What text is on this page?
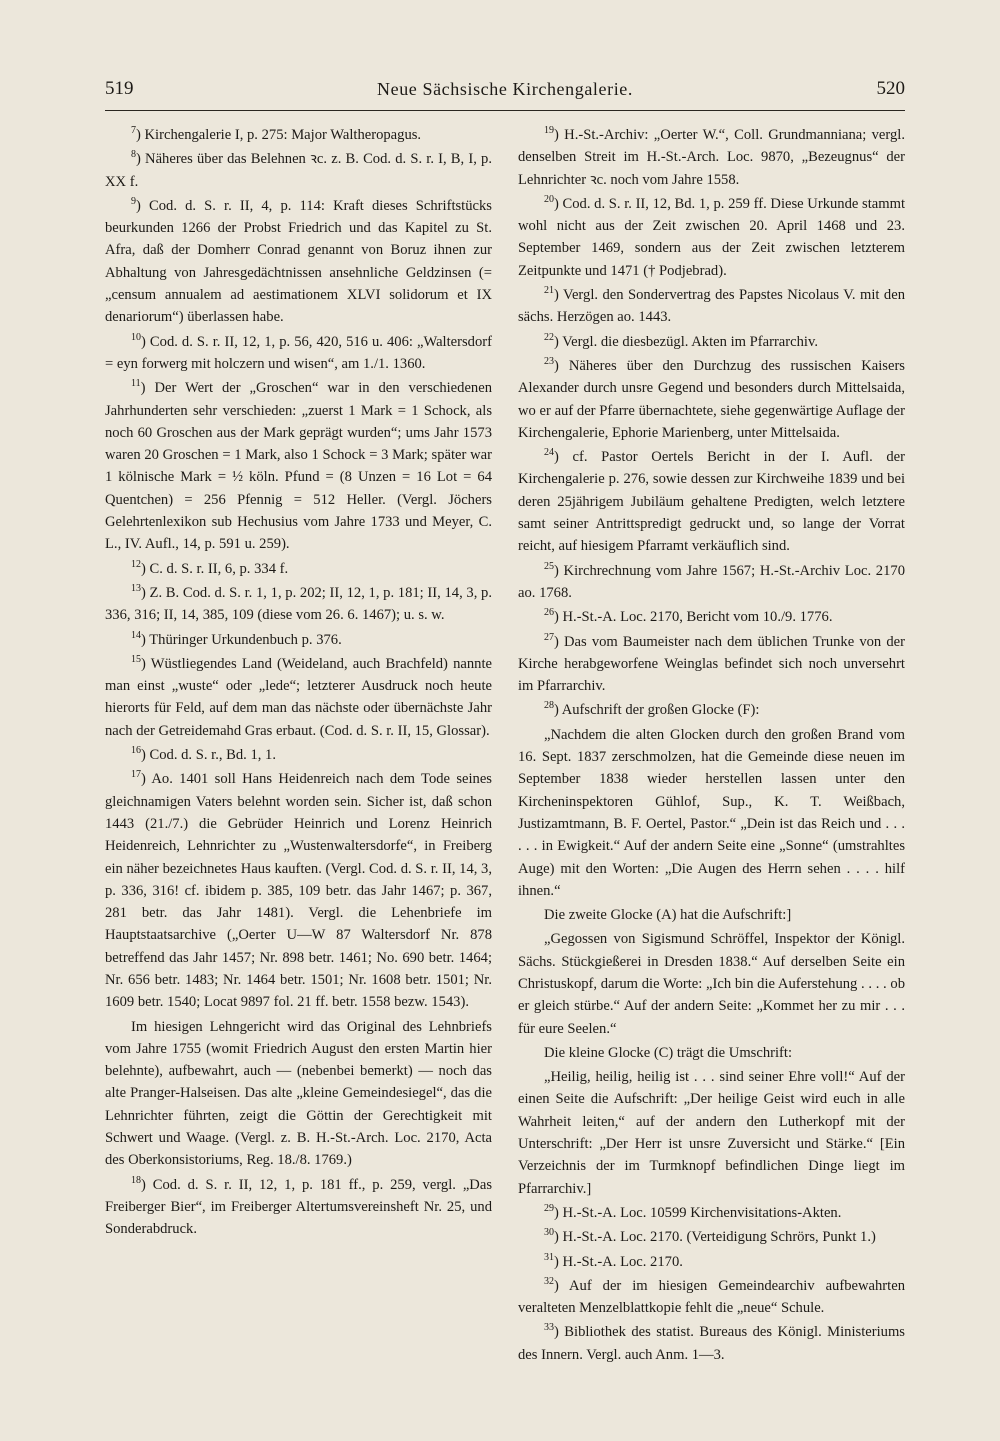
519	Neue Sächsische Kirchengalerie.	520

$^7$) Kirchengalerie I, p. 275: Major Waltheropagus.

$^8$) Näheres über das Belehnen ꝛc. z. B. Cod. d. S. r. I, B, I, p. XX f.

$^9$) Cod. d. S. r. II, 4, p. 114: Kraft dieses Schriftstücks beurkunden 1266 der Probst Friedrich und das Kapitel zu St. Afra, daß der Domherr Conrad genannt von Boruz ihnen zur Abhaltung von Jahresgedächtnissen ansehnliche Geldzinsen (= „censum annualem ad aestimationem XLVI solidorum et IX denariorum“) überlassen habe.

$^{10}$) Cod. d. S. r. II, 12, 1, p. 56, 420, 516 u. 406: „Waltersdorf = eyn forwerg mit holczern und wisen“, am 1./1. 1360.

$^{11}$) Der Wert der „Groschen“ war in den verschiedenen Jahrhunderten sehr verschieden: „zuerst 1 Mark = 1 Schock, als noch 60 Groschen aus der Mark geprägt wurden“; ums Jahr 1573 waren 20 Groschen = 1 Mark, also 1 Schock = 3 Mark; später war 1 kölnische Mark = ½ köln. Pfund = (8 Unzen = 16 Lot = 64 Quentchen) = 256 Pfennig = 512 Heller. (Vergl. Jöchers Gelehrtenlexikon sub Hechusius vom Jahre 1733 und Meyer, C. L., IV. Aufl., 14, p. 591 u. 259).

$^{12}$) C. d. S. r. II, 6, p. 334 f.

$^{13}$) Z. B. Cod. d. S. r. 1, 1, p. 202; II, 12, 1, p. 181; II, 14, 3, p. 336, 316; II, 14, 385, 109 (diese vom 26. 6. 1467); u. s. w.

$^{14}$) Thüringer Urkundenbuch p. 376.

$^{15}$) Wüstliegendes Land (Weideland, auch Brachfeld) nannte man einst „wuste“ oder „lede“; letzterer Ausdruck noch heute hierorts für Feld, auf dem man das nächste oder übernächste Jahr nach der Getreidemahd Gras erbaut. (Cod. d. S. r. II, 15, Glossar).

$^{16}$) Cod. d. S. r., Bd. 1, 1.

$^{17}$) Ao. 1401 soll Hans Heidenreich nach dem Tode seines gleichnamigen Vaters belehnt worden sein. Sicher ist, daß schon 1443 (21./7.) die Gebrüder Heinrich und Lorenz Heinrich Heidenreich, Lehnrichter zu „Wustenwaltersdorfe“, in Freiberg ein näher bezeichnetes Haus kauften. (Vergl. Cod. d. S. r. II, 14, 3, p. 336, 316! cf. ibidem p. 385, 109 betr. das Jahr 1467; p. 367, 281 betr. das Jahr 1481). Vergl. die Lehenbriefe im Hauptstaatsarchive („Oerter U—W 87 Waltersdorf Nr. 878 betreffend das Jahr 1457; Nr. 898 betr. 1461; No. 690 betr. 1464; Nr. 656 betr. 1483; Nr. 1464 betr. 1501; Nr. 1608 betr. 1501; Nr. 1609 betr. 1540; Locat 9897 fol. 21 ff. betr. 1558 bezw. 1543).

Im hiesigen Lehngericht wird das Original des Lehnbriefs vom Jahre 1755 (womit Friedrich August den ersten Martin hier belehnte), aufbewahrt, auch — (nebenbei bemerkt) — noch das alte Pranger-Halseisen. Das alte „kleine Gemeindesiegel“, das die Lehnrichter führten, zeigt die Göttin der Gerechtigkeit mit Schwert und Waage. (Vergl. z. B. H.-St.-Arch. Loc. 2170, Acta des Oberkonsistoriums, Reg. 18./8. 1769.)

$^{18}$) Cod. d. S. r. II, 12, 1, p. 181 ff., p. 259, vergl. „Das Freiberger Bier“, im Freiberger Altertumsvereinsheft Nr. 25, und Sonderabdruck.

$^{19}$) H.-St.-Archiv: „Oerter W.“, Coll. Grundmanniana; vergl. denselben Streit im H.-St.-Arch. Loc. 9870, „Bezeugnus“ der Lehnrichter ꝛc. noch vom Jahre 1558.

$^{20}$) Cod. d. S. r. II, 12, Bd. 1, p. 259 ff. Diese Urkunde stammt wohl nicht aus der Zeit zwischen 20. April 1468 und 23. September 1469, sondern aus der Zeit zwischen letzterem Zeitpunkte und 1471 († Podjebrad).

$^{21}$) Vergl. den Sondervertrag des Papstes Nicolaus V. mit den sächs. Herzögen ao. 1443.

$^{22}$) Vergl. die diesbezügl. Akten im Pfarrarchiv.

$^{23}$) Näheres über den Durchzug des russischen Kaisers Alexander durch unsre Gegend und besonders durch Mittelsaida, wo er auf der Pfarre übernachtete, siehe gegenwärtige Auflage der Kirchengalerie, Ephorie Marienberg, unter Mittelsaida.

$^{24}$) cf. Pastor Oertels Bericht in der I. Aufl. der Kirchengalerie p. 276, sowie dessen zur Kirchweihe 1839 und bei deren 25jährigem Jubiläum gehaltene Predigten, welch letztere samt seiner Antrittspredigt gedruckt und, so lange der Vorrat reicht, auf hiesigem Pfarramt verkäuflich sind.

$^{25}$) Kirchrechnung vom Jahre 1567; H.-St.-Archiv Loc. 2170 ao. 1768.

$^{26}$) H.-St.-A. Loc. 2170, Bericht vom 10./9. 1776.

$^{27}$) Das vom Baumeister nach dem üblichen Trunke von der Kirche herabgeworfene Weinglas befindet sich noch unversehrt im Pfarrarchiv.

$^{28}$) Aufschrift der großen Glocke (F):

„Nachdem die alten Glocken durch den großen Brand vom 16. Sept. 1837 zerschmolzen, hat die Gemeinde diese neuen im September 1838 wieder herstellen lassen unter den Kircheninspektoren Gühlof, Sup., K. T. Weißbach, Justizamtmann, B. F. Oertel, Pastor.“ „Dein ist das Reich und . . . . . . in Ewigkeit.“ Auf der andern Seite eine „Sonne“ (umstrahltes Auge) mit den Worten: „Die Augen des Herrn sehen . . . . hilf ihnen.“

Die zweite Glocke (A) hat die Aufschrift:]

„Gegossen von Sigismund Schröffel, Inspektor der Königl. Sächs. Stückgießerei in Dresden 1838.“ Auf derselben Seite ein Christuskopf, darum die Worte: „Ich bin die Auferstehung . . . . ob er gleich stürbe.“ Auf der andern Seite: „Kommet her zu mir . . . für eure Seelen.“

Die kleine Glocke (C) trägt die Umschrift:

„Heilig, heilig, heilig ist . . . sind seiner Ehre voll!“ Auf der einen Seite die Aufschrift: „Der heilige Geist wird euch in alle Wahrheit leiten,“ auf der andern den Lutherkopf mit der Unterschrift: „Der Herr ist unsre Zuversicht und Stärke.“ [Ein Verzeichnis der im Turmknopf befindlichen Dinge liegt im Pfarrarchiv.]

$^{29}$) H.-St.-A. Loc. 10599 Kirchenvisitations-Akten.

$^{30}$) H.-St.-A. Loc. 2170. (Verteidigung Schrörs, Punkt 1.)

$^{31}$) H.-St.-A. Loc. 2170.

$^{32}$) Auf der im hiesigen Gemeindearchiv aufbewahrten veralteten Menzelblattkopie fehlt die „neue“ Schule.

$^{33}$) Bibliothek des statist. Bureaus des Königl. Ministeriums des Innern. Vergl. auch Anm. 1—3.
